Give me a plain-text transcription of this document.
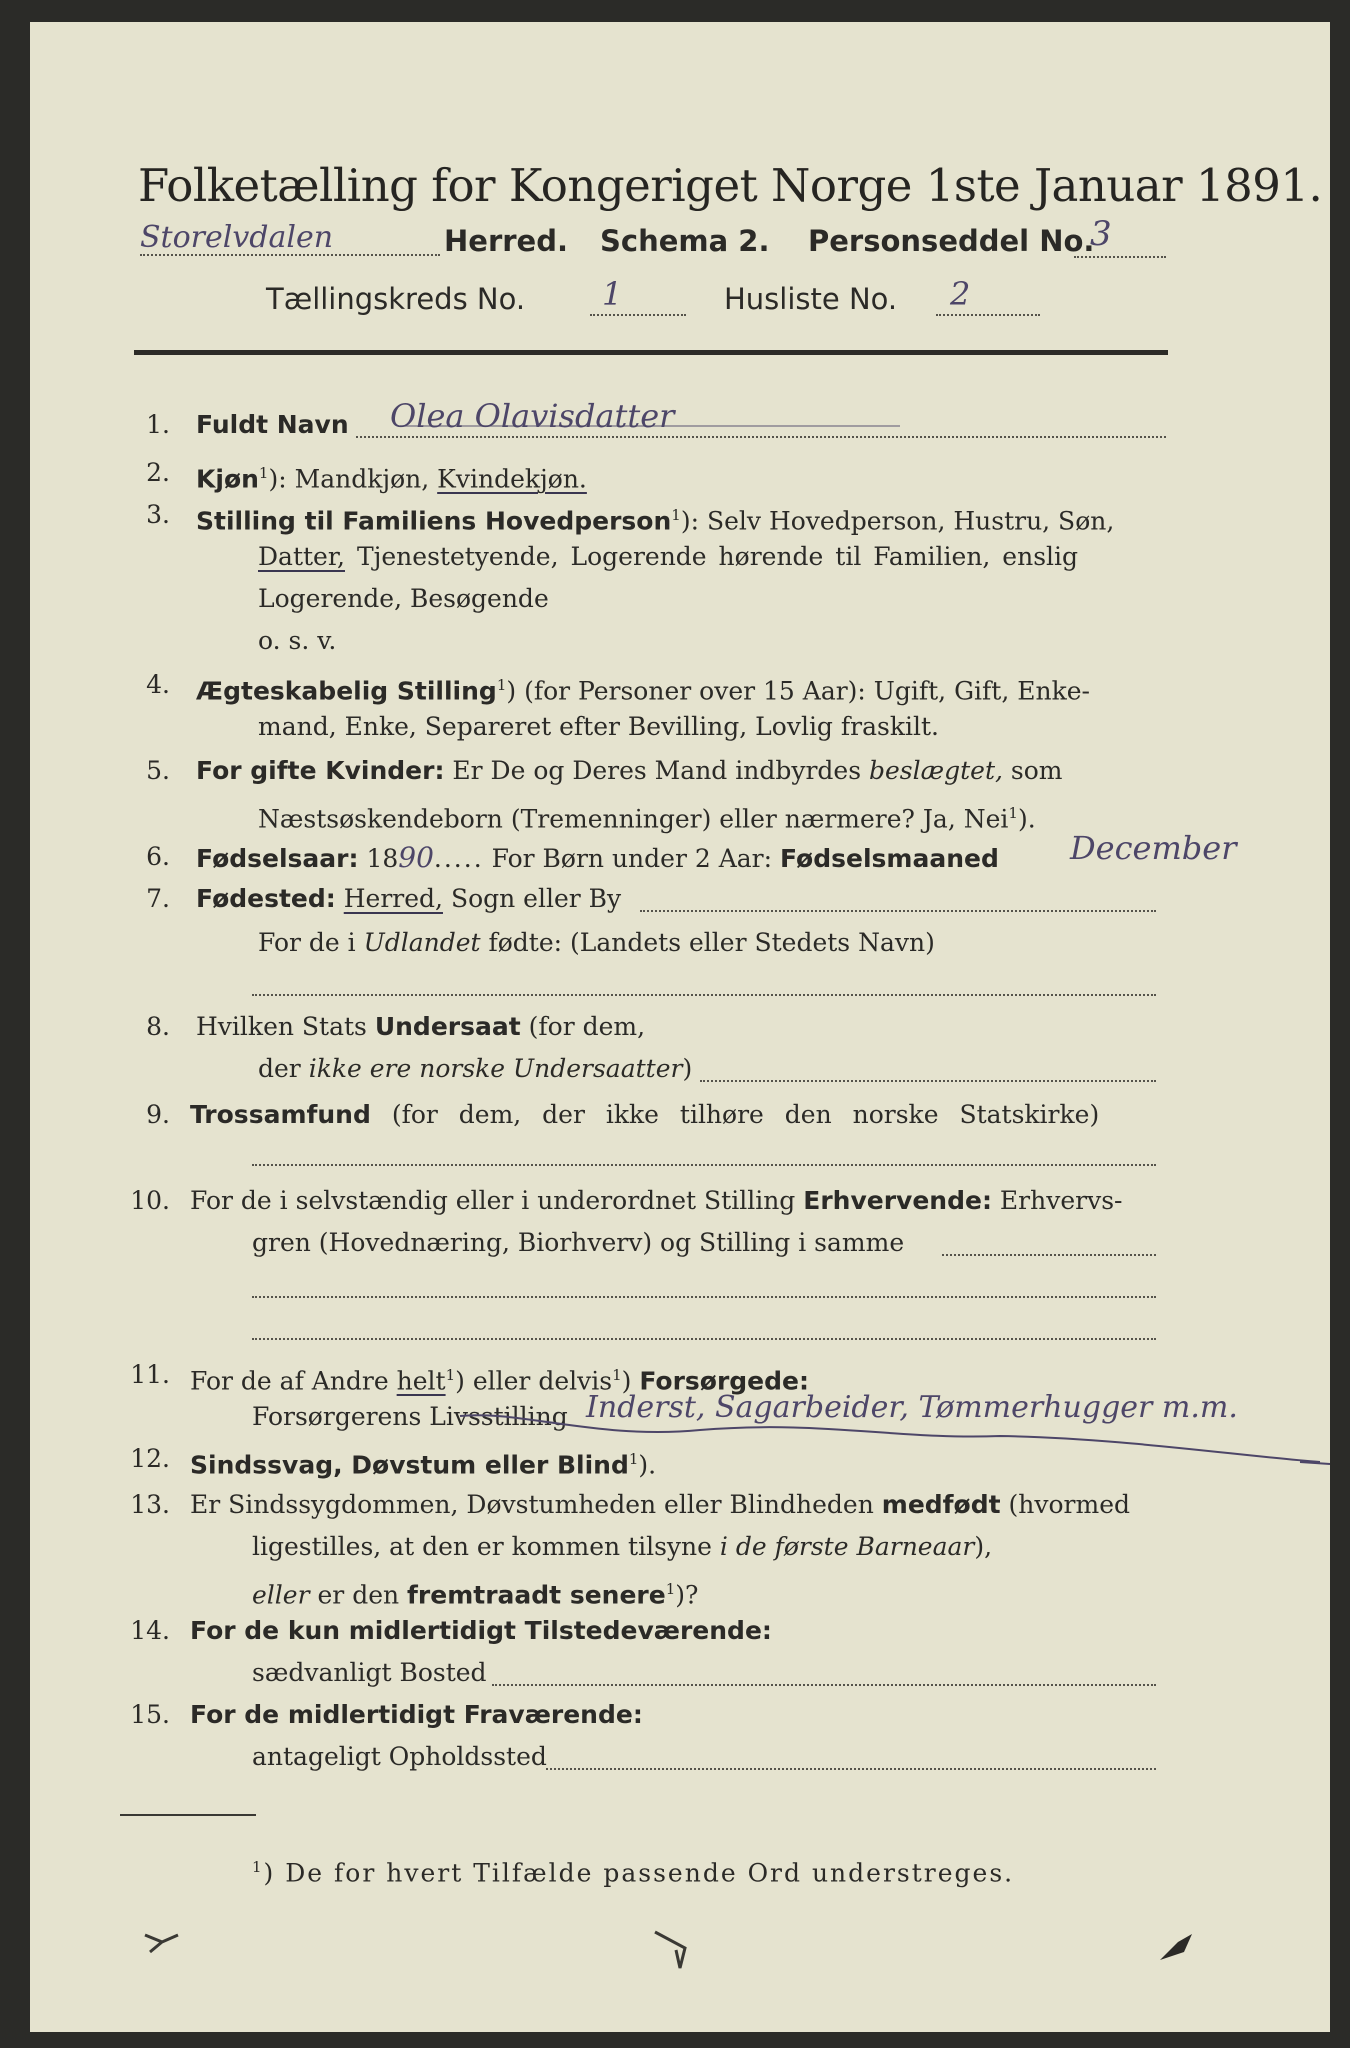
Folketælling for Kongeriget Norge 1ste Januar 1891.
Storelvdalen	Herred. Schema 2. Personseddel No.
3
Tællingskreds No. 1	Husliste No. 2
1. Fuldt Navn Olea Olavisdatter
2. Kjøn$^1$): Mandkjøn, Kvindekjøn.
3. Stilling til Familiens Hovedperson$^1$): Selv Hovedperson, Hustru, Søn,
Datter, Tjenestetyende, Logerende hørende til Familien, enslig
Logerende, Besøgende
o. s. v.
4. Ægteskabelig Stilling$^1$) (for Personer over 15 Aar): Ugift, Gift, Enke-
mand, Enke, Separeret efter Bevilling, Lovlig fraskilt.
5. For gifte Kvinder: Er De og Deres Mand indbyrdes beslægtet, som
Næstsøskendeborn (Tremenninger) eller nærmere? Ja, Nei$^1$).
6. Fødselsaar: 1890..... For Børn under 2 Aar: Fødselsmaaned December
7. Fødested: Herred, Sogn eller By
For de i Udlandet fødte: (Landets eller Stedets Navn)
8. Hvilken Stats Undersaat (for dem,
der ikke ere norske Undersaatter)
9. Trossamfund (for dem, der ikke tilhøre den norske Statskirke)
10. For de i selvstændig eller i underordnet Stilling Erhvervende: Erhvervs-
gren (Hovednæring, Biorhverv) og Stilling i samme
11. For de af Andre helt$^1$) eller delvis$^1$) Forsørgede:
Forsørgerens Livsstilling Inderst, Sagarbeider, Tømmerhugger m.m.
12. Sindssvag, Døvstum eller Blind$^1$).
13. Er Sindssygdommen, Døvstumheden eller Blindheden medfødt (hvormed
ligestilles, at den er kommen tilsyne i de første Barneaar),
eller er den fremtraadt senere$^1$)?
14. For de kun midlertidigt Tilstedeværende:
sædvanligt Bosted
15. For de midlertidigt Fraværende:
antageligt Opholdssted
$^1$) De for hvert Tilfælde passende Ord understreges.
